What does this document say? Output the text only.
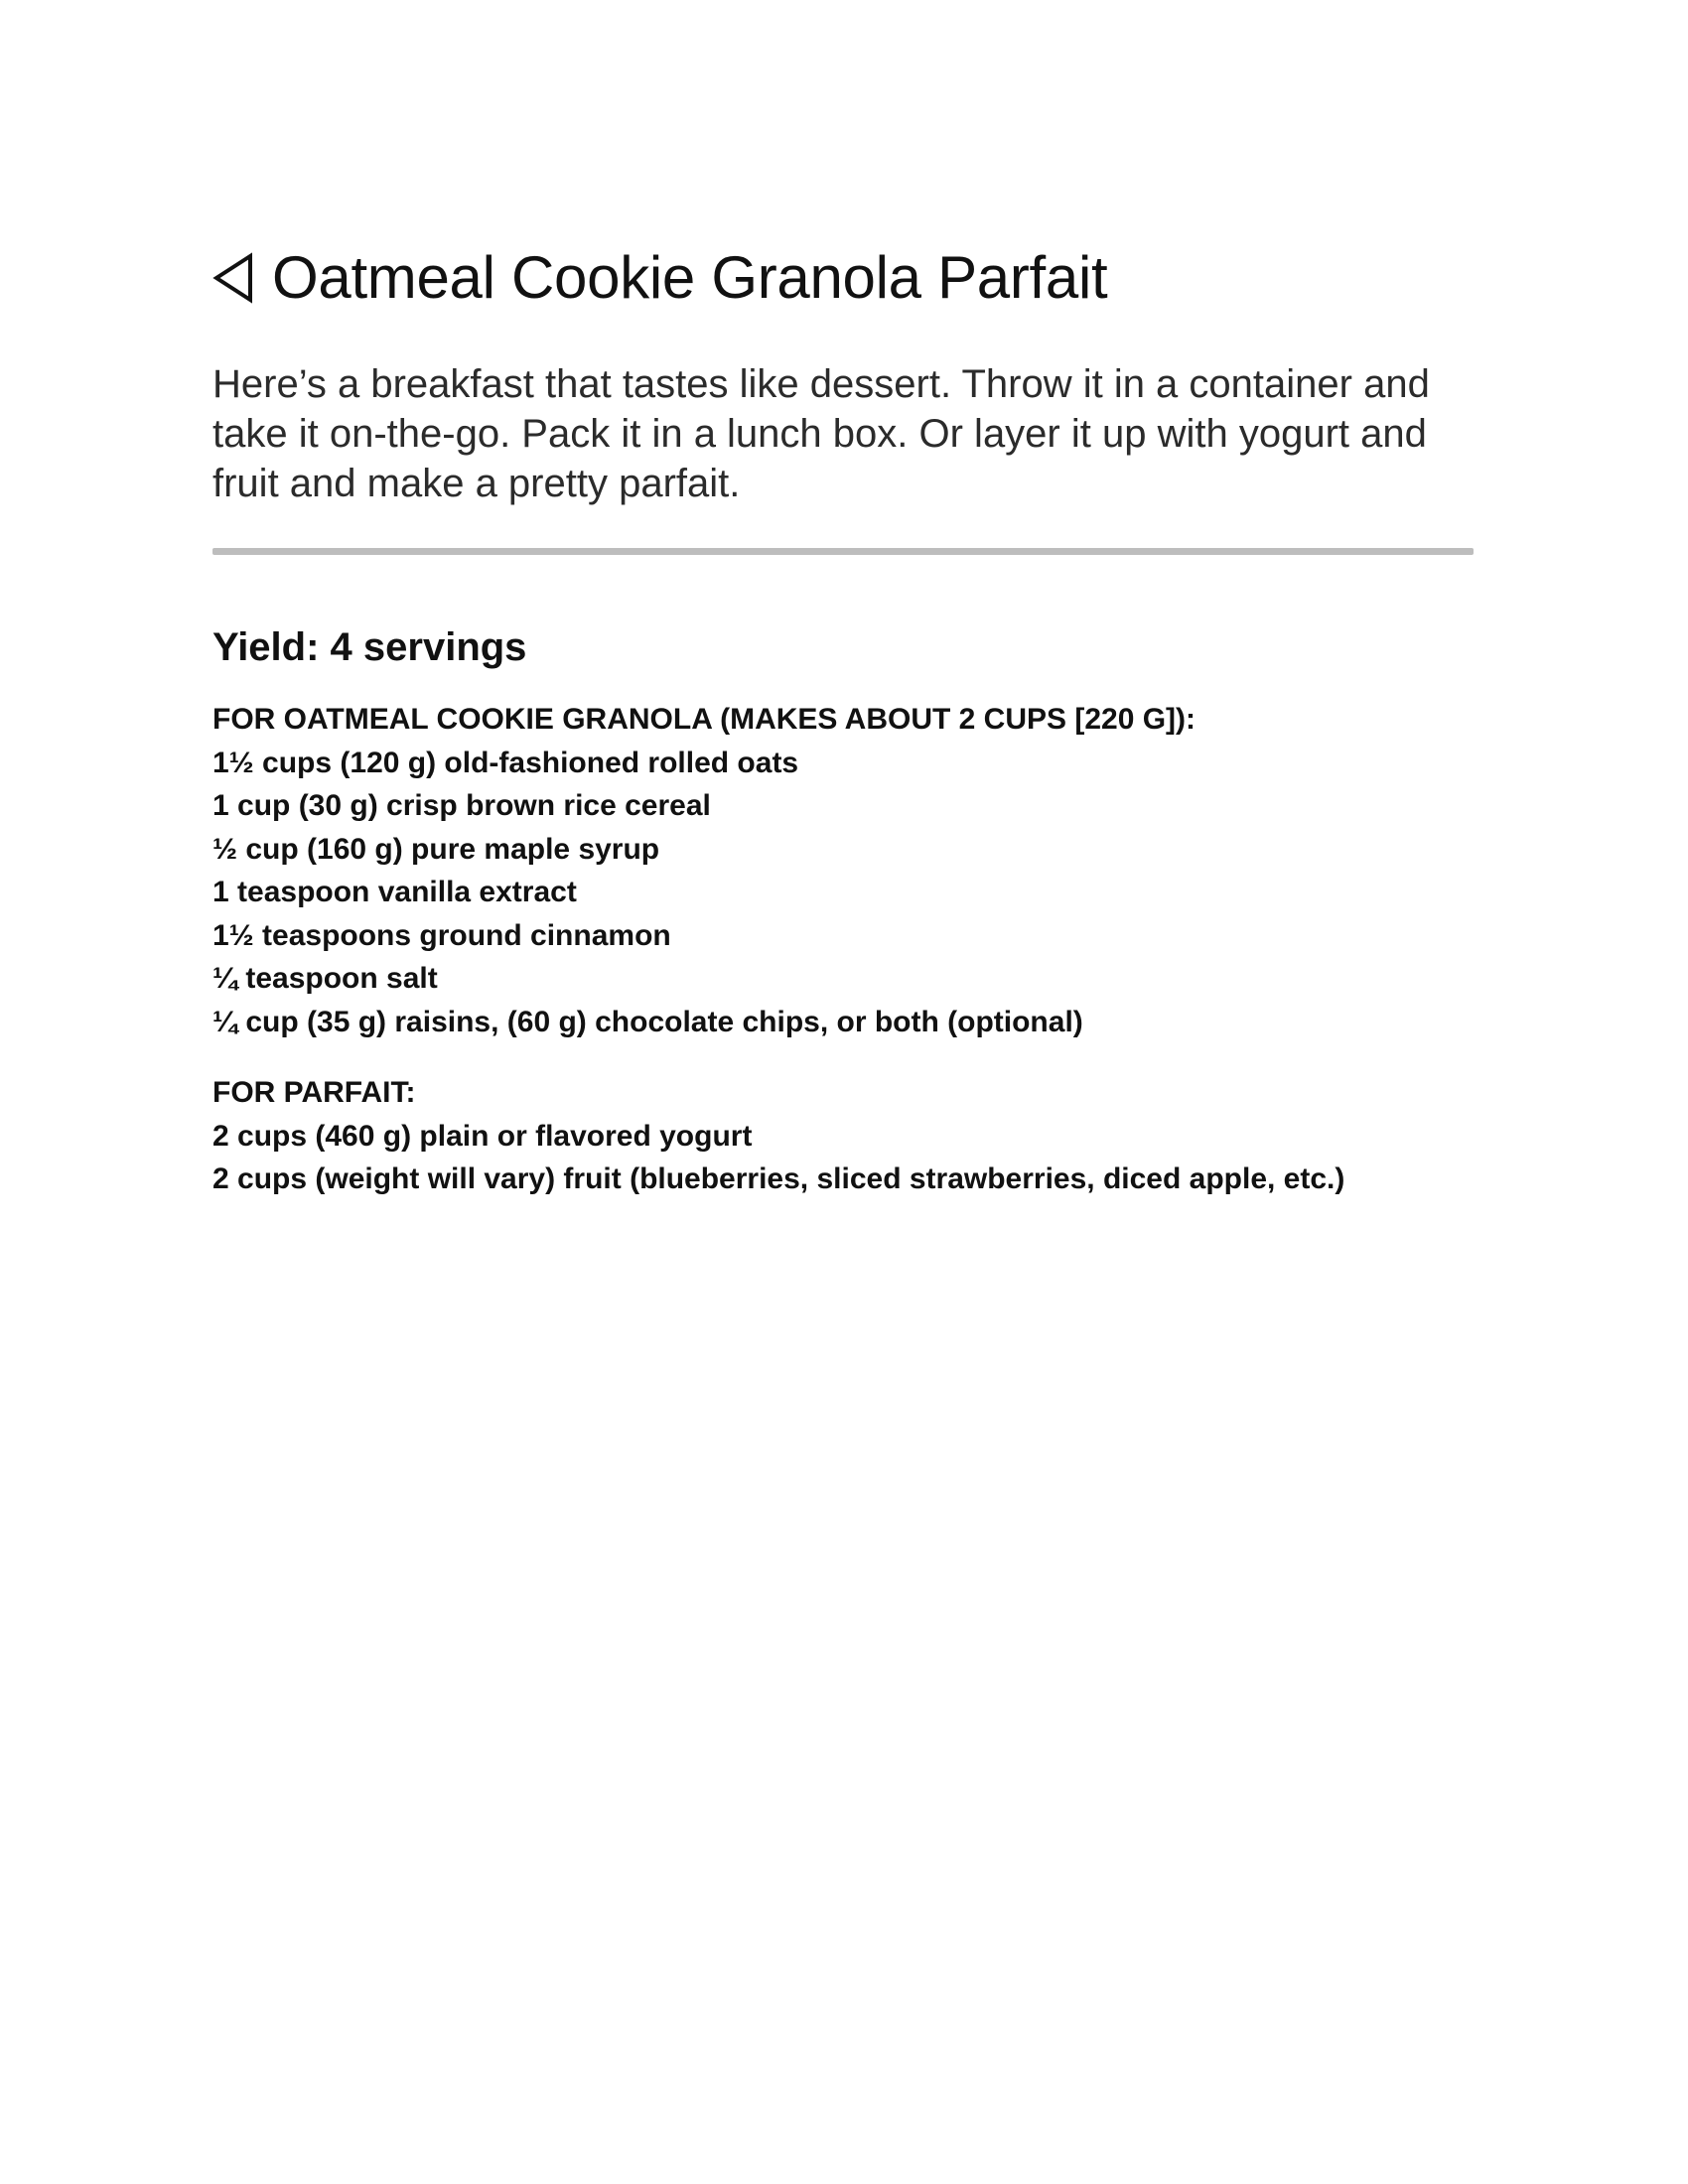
Oatmeal Cookie Granola Parfait

Here’s a breakfast that tastes like dessert. Throw it in a container and take it on-the-go. Pack it in a lunch box. Or layer it up with yogurt and fruit and make a pretty parfait.

Yield: 4 servings
FOR OATMEAL COOKIE GRANOLA (MAKES ABOUT 2 CUPS [220 G]):
1½ cups (120 g) old-fashioned rolled oats
1 cup (30 g) crisp brown rice cereal
½ cup (160 g) pure maple syrup
1 teaspoon vanilla extract
1½ teaspoons ground cinnamon
¼ teaspoon salt
¼ cup (35 g) raisins, (60 g) chocolate chips, or both (optional)
FOR PARFAIT:
2 cups (460 g) plain or flavored yogurt
2 cups (weight will vary) fruit (blueberries, sliced strawberries, diced apple, etc.)
